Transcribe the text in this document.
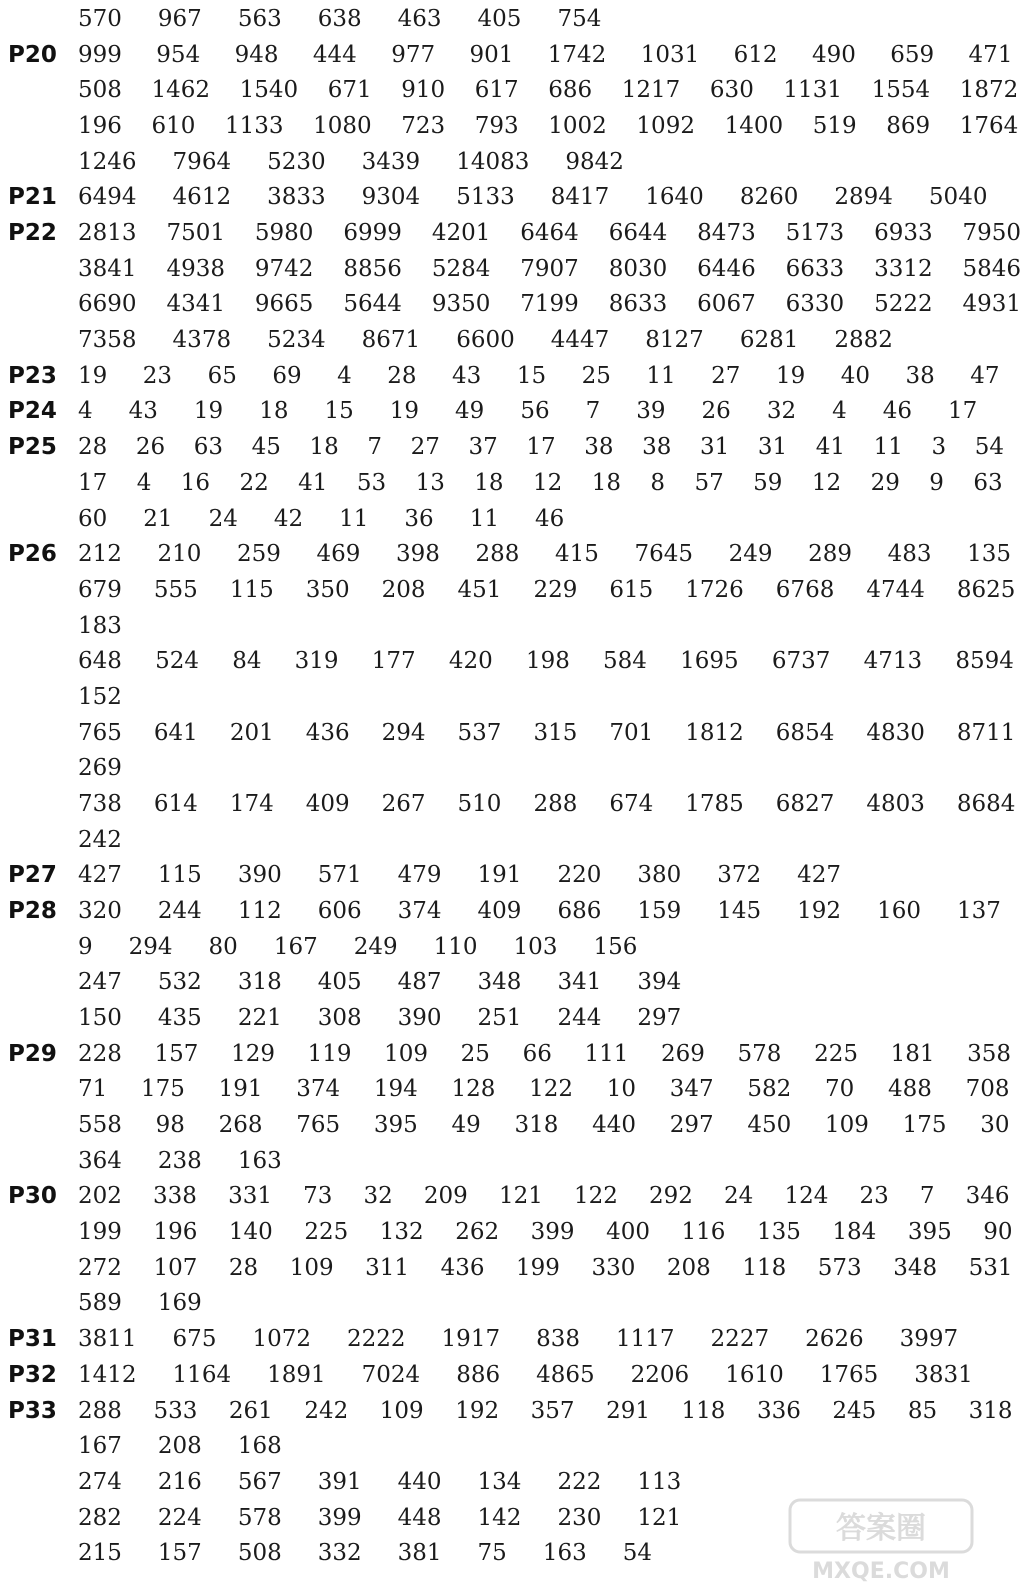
570 967 563 638 463 405 754
P20 999 954 948 444 977 901 1742 1031 612 490 659 471
508 1462 1540 671 910 617 686 1217 630 1131 1554 1872
196 610 1133 1080 723 793 1002 1092 1400 519 869 1764
1246 7964 5230 3439 14083 9842
P21 6494 4612 3833 9304 5133 8417 1640 8260 2894 5040
P22 2813 7501 5980 6999 4201 6464 6644 8473 5173 6933 7950
3841 4938 9742 8856 5284 7907 8030 6446 6633 3312 5846
6690 4341 9665 5644 9350 7199 8633 6067 6330 5222 4931
7358 4378 5234 8671 6600 4447 8127 6281 2882
P23 19 23 65 69 4 28 43 15 25 11 27 19 40 38 47
P24 4 43 19 18 15 19 49 56 7 39 26 32 4 46 17
P25 28 26 63 45 18 7 27 37 17 38 38 31 31 41 11 3 54
17 4 16 22 41 53 13 18 12 18 8 57 59 12 29 9 63
60 21 24 42 11 36 11 46
P26 212 210 259 469 398 288 415 7645 249 289 483 135
679 555 115 350 208 451 229 615 1726 6768 4744 8625
183
648 524 84 319 177 420 198 584 1695 6737 4713 8594
152
765 641 201 436 294 537 315 701 1812 6854 4830 8711
269
738 614 174 409 267 510 288 674 1785 6827 4803 8684
242
P27 427 115 390 571 479 191 220 380 372 427
P28 320 244 112 606 374 409 686 159 145 192 160 137
9 294 80 167 249 110 103 156
247 532 318 405 487 348 341 394
150 435 221 308 390 251 244 297
P29 228 157 129 119 109 25 66 111 269 578 225 181 358
71 175 191 374 194 128 122 10 347 582 70 488 708
558 98 268 765 395 49 318 440 297 450 109 175 30
364 238 163
P30 202 338 331 73 32 209 121 122 292 24 124 23 7 346
199 196 140 225 132 262 399 400 116 135 184 395 90
272 107 28 109 311 436 199 330 208 118 573 348 531
589 169
P31 3811 675 1072 2222 1917 838 1117 2227 2626 3997
P32 1412 1164 1891 7024 886 4865 2206 1610 1765 3831
P33 288 533 261 242 109 192 357 291 118 336 245 85 318
167 208 168
274 216 567 391 440 134 222 113
282 224 578 399 448 142 230 121
215 157 508 332 381 75 163 54
答案圈
MXQE.COM
